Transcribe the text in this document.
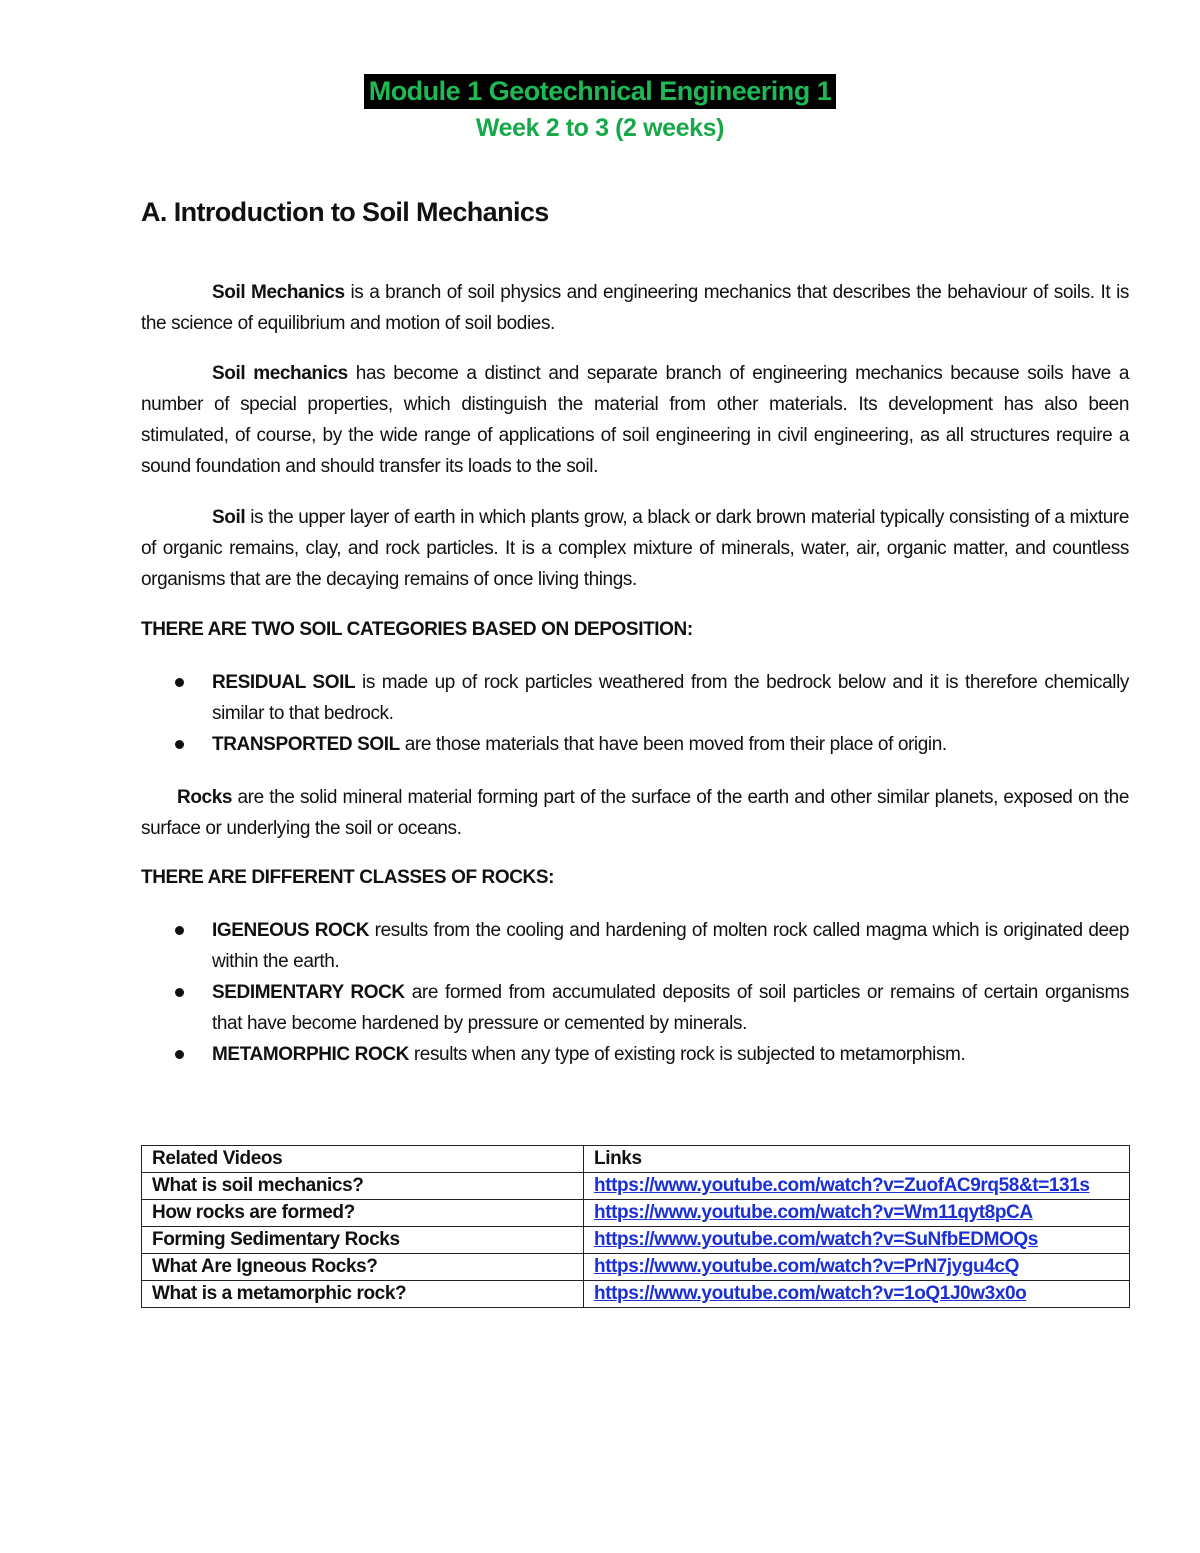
Module 1 Geotechnical Engineering 1
Week 2 to 3 (2 weeks)
A. Introduction to Soil Mechanics

Soil Mechanics is a branch of soil physics and engineering mechanics that describes the behaviour of soils. It is the science of equilibrium and motion of soil bodies.

Soil mechanics has become a distinct and separate branch of engineering mechanics because soils have a number of special properties, which distinguish the material from other materials. Its development has also been stimulated, of course, by the wide range of applications of soil engineering in civil engineering, as all structures require a sound foundation and should transfer its loads to the soil.

Soil is the upper layer of earth in which plants grow, a black or dark brown material typically consisting of a mixture of organic remains, clay, and rock particles. It is a complex mixture of minerals, water, air, organic matter, and countless organisms that are the decaying remains of once living things.

THERE ARE TWO SOIL CATEGORIES BASED ON DEPOSITION:
RESIDUAL SOIL is made up of rock particles weathered from the bedrock below and it is therefore chemically similar to that bedrock.
TRANSPORTED SOIL are those materials that have been moved from their place of origin.

Rocks are the solid mineral material forming part of the surface of the earth and other similar planets, exposed on the surface or underlying the soil or oceans.

THERE ARE DIFFERENT CLASSES OF ROCKS:
IGENEOUS ROCK results from the cooling and hardening of molten rock called magma which is originated deep within the earth.
SEDIMENTARY ROCK are formed from accumulated deposits of soil particles or remains of certain organisms that have become hardened by pressure or cemented by minerals.
METAMORPHIC ROCK results when any type of existing rock is subjected to metamorphism.
Related Videos	Links
What is soil mechanics?	https://www.youtube.com/watch?v=ZuofAC9rq58&t=131s
How rocks are formed?	https://www.youtube.com/watch?v=Wm11qyt8pCA
Forming Sedimentary Rocks	https://www.youtube.com/watch?v=SuNfbEDMOQs
What Are Igneous Rocks?	https://www.youtube.com/watch?v=PrN7jygu4cQ
What is a metamorphic rock?	https://www.youtube.com/watch?v=1oQ1J0w3x0o
